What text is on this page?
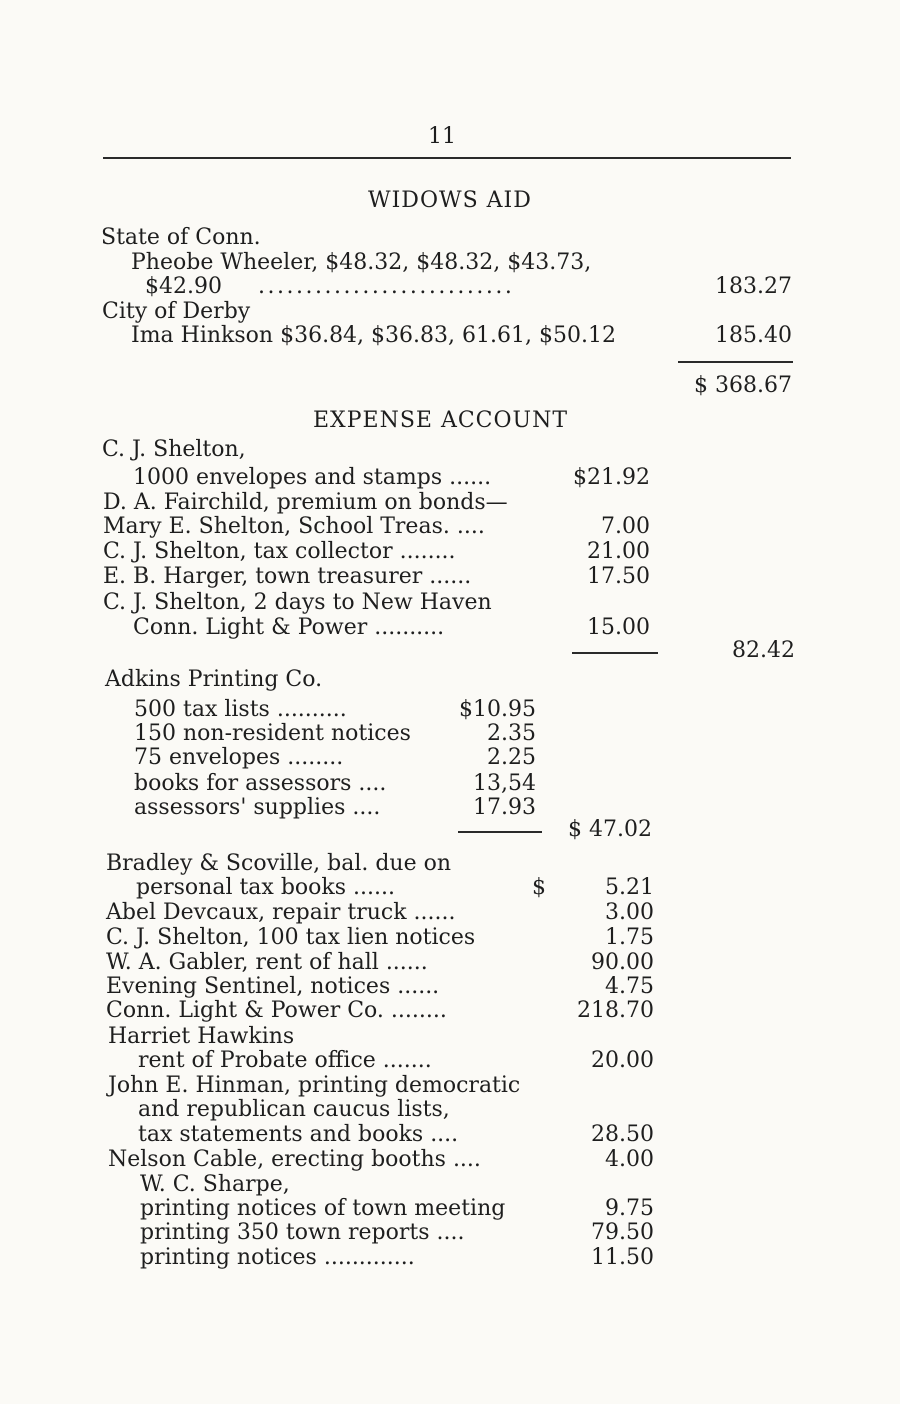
11
WIDOWS AID
State of Conn.
Pheobe Wheeler, $48.32, $48.32, $43.73,
$42.90 ...........................	183.27
City of Derby
Ima Hinkson $36.84, $36.83, 61.61, $50.12	185.40
$ 368.67
EXPENSE ACCOUNT
C. J. Shelton,
1000 envelopes and stamps ......	$21.92
D. A. Fairchild, premium on bonds—
Mary E. Shelton, School Treas. ....	7.00
C. J. Shelton, tax collector ........	21.00
E. B. Harger, town treasurer ......	17.50
C. J. Shelton, 2 days to New Haven
Conn. Light & Power ..........	15.00
82.42
Adkins Printing Co.
500 tax lists ..........	$10.95
150 non-resident notices	2.35
75 envelopes ........	2.25
books for assessors ....	13,54
assessors' supplies ....	17.93
$ 47.02
Bradley & Scoville, bal. due on
personal tax books ......	$	5.21
Abel Devcaux, repair truck ......	3.00
C. J. Shelton, 100 tax lien notices	1.75
W. A. Gabler, rent of hall ......	90.00
Evening Sentinel, notices ......	4.75
Conn. Light & Power Co. ........	218.70
Harriet Hawkins
rent of Probate office .......	20.00
John E. Hinman, printing democratic
and republican caucus lists,
tax statements and books ....	28.50
Nelson Cable, erecting booths ....	4.00
W. C. Sharpe,
printing notices of town meeting	9.75
printing 350 town reports ....	79.50
printing notices .............	11.50
